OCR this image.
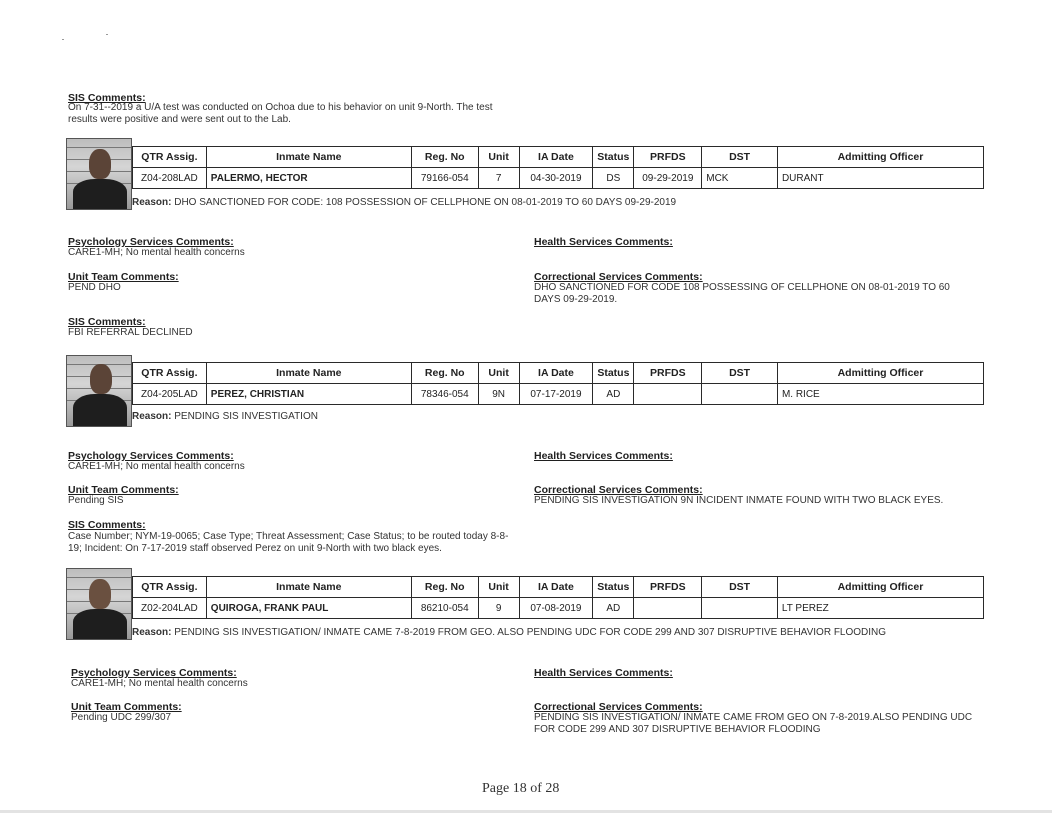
SIS Comments:
On 7-31--2019 a U/A test was conducted on Ochoa due to his behavior on unit 9-North. The test results were positive and were sent out to the Lab.
QTR Assig.	Inmate Name	Reg. No	Unit	IA Date	Status	PRFDS	DST	Admitting Officer
Z04-208LAD	PALERMO, HECTOR	79166-054	7	04-30-2019	DS	09-29-2019	MCK	DURANT
Reason: DHO SANCTIONED FOR CODE: 108 POSSESSION OF CELLPHONE ON 08-01-2019 TO 60 DAYS 09-29-2019
Psychology Services Comments:
CARE1-MH; No mental health concerns
Unit Team Comments:
PEND DHO
SIS Comments:
FBI REFERRAL DECLINED
Health Services Comments:
Correctional Services Comments:
DHO SANCTIONED FOR CODE 108 POSSESSING OF CELLPHONE ON 08-01-2019 TO 60 DAYS 09-29-2019.
QTR Assig.	Inmate Name	Reg. No	Unit	IA Date	Status	PRFDS	DST	Admitting Officer
Z04-205LAD	PEREZ, CHRISTIAN	78346-054	9N	07-17-2019	AD			M. RICE
Reason: PENDING SIS INVESTIGATION
Psychology Services Comments:
CARE1-MH; No mental health concerns
Unit Team Comments:
Pending SIS
SIS Comments:
Case Number; NYM-19-0065; Case Type; Threat Assessment; Case Status; to be routed today 8-8-19; Incident: On 7-17-2019 staff observed Perez on unit 9-North with two black eyes.
Health Services Comments:
Correctional Services Comments:
PENDING SIS INVESTIGATION 9N INCIDENT INMATE FOUND WITH TWO BLACK EYES.
QTR Assig.	Inmate Name	Reg. No	Unit	IA Date	Status	PRFDS	DST	Admitting Officer
Z02-204LAD	QUIROGA, FRANK PAUL	86210-054	9	07-08-2019	AD			LT PEREZ
Reason: PENDING SIS INVESTIGATION/ INMATE CAME 7-8-2019 FROM GEO. ALSO PENDING UDC FOR CODE 299 AND 307 DISRUPTIVE BEHAVIOR FLOODING
Psychology Services Comments:
CARE1-MH; No mental health concerns
Unit Team Comments:
Pending UDC 299/307
Health Services Comments:
Correctional Services Comments:
PENDING SIS INVESTIGATION/ INMATE CAME FROM GEO ON 7-8-2019.ALSO PENDING UDC FOR CODE 299 AND 307 DISRUPTIVE BEHAVIOR FLOODING
Page 18 of 28
